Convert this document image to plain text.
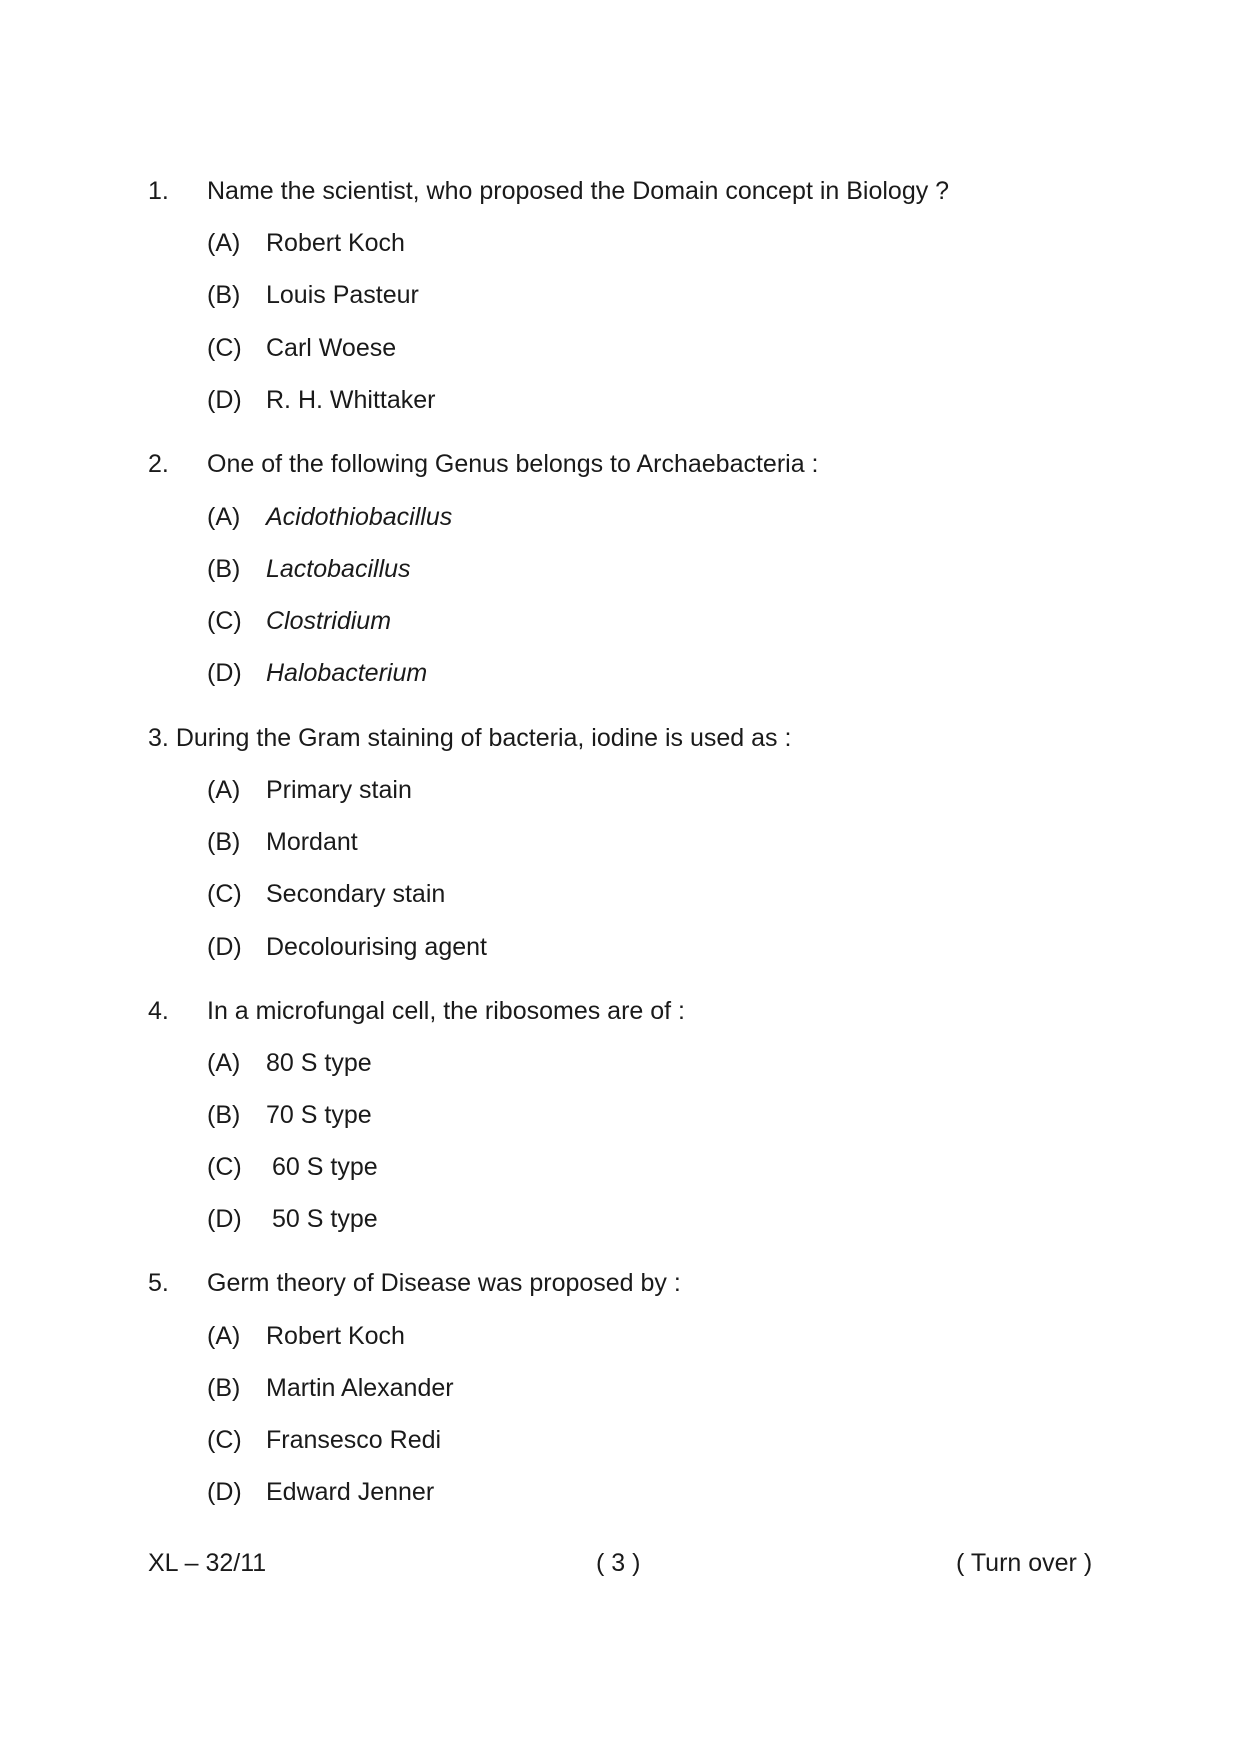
1. Name the scientist, who proposed the Domain concept in Biology ?
(A) Robert Koch
(B) Louis Pasteur
(C) Carl Woese
(D) R. H. Whittaker
2. One of the following Genus belongs to Archaebacteria :
(A) Acidothiobacillus
(B) Lactobacillus
(C) Clostridium
(D) Halobacterium
3. During the Gram staining of bacteria, iodine is used as :
(A) Primary stain
(B) Mordant
(C) Secondary stain
(D) Decolourising agent
4. In a microfungal cell, the ribosomes are of :
(A) 80 S type
(B) 70 S type
(C) 60 S type
(D) 50 S type
5. Germ theory of Disease was proposed by :
(A) Robert Koch
(B) Martin Alexander
(C) Fransesco Redi
(D) Edward Jenner
XL – 32/11	( 3 )	( Turn over )
